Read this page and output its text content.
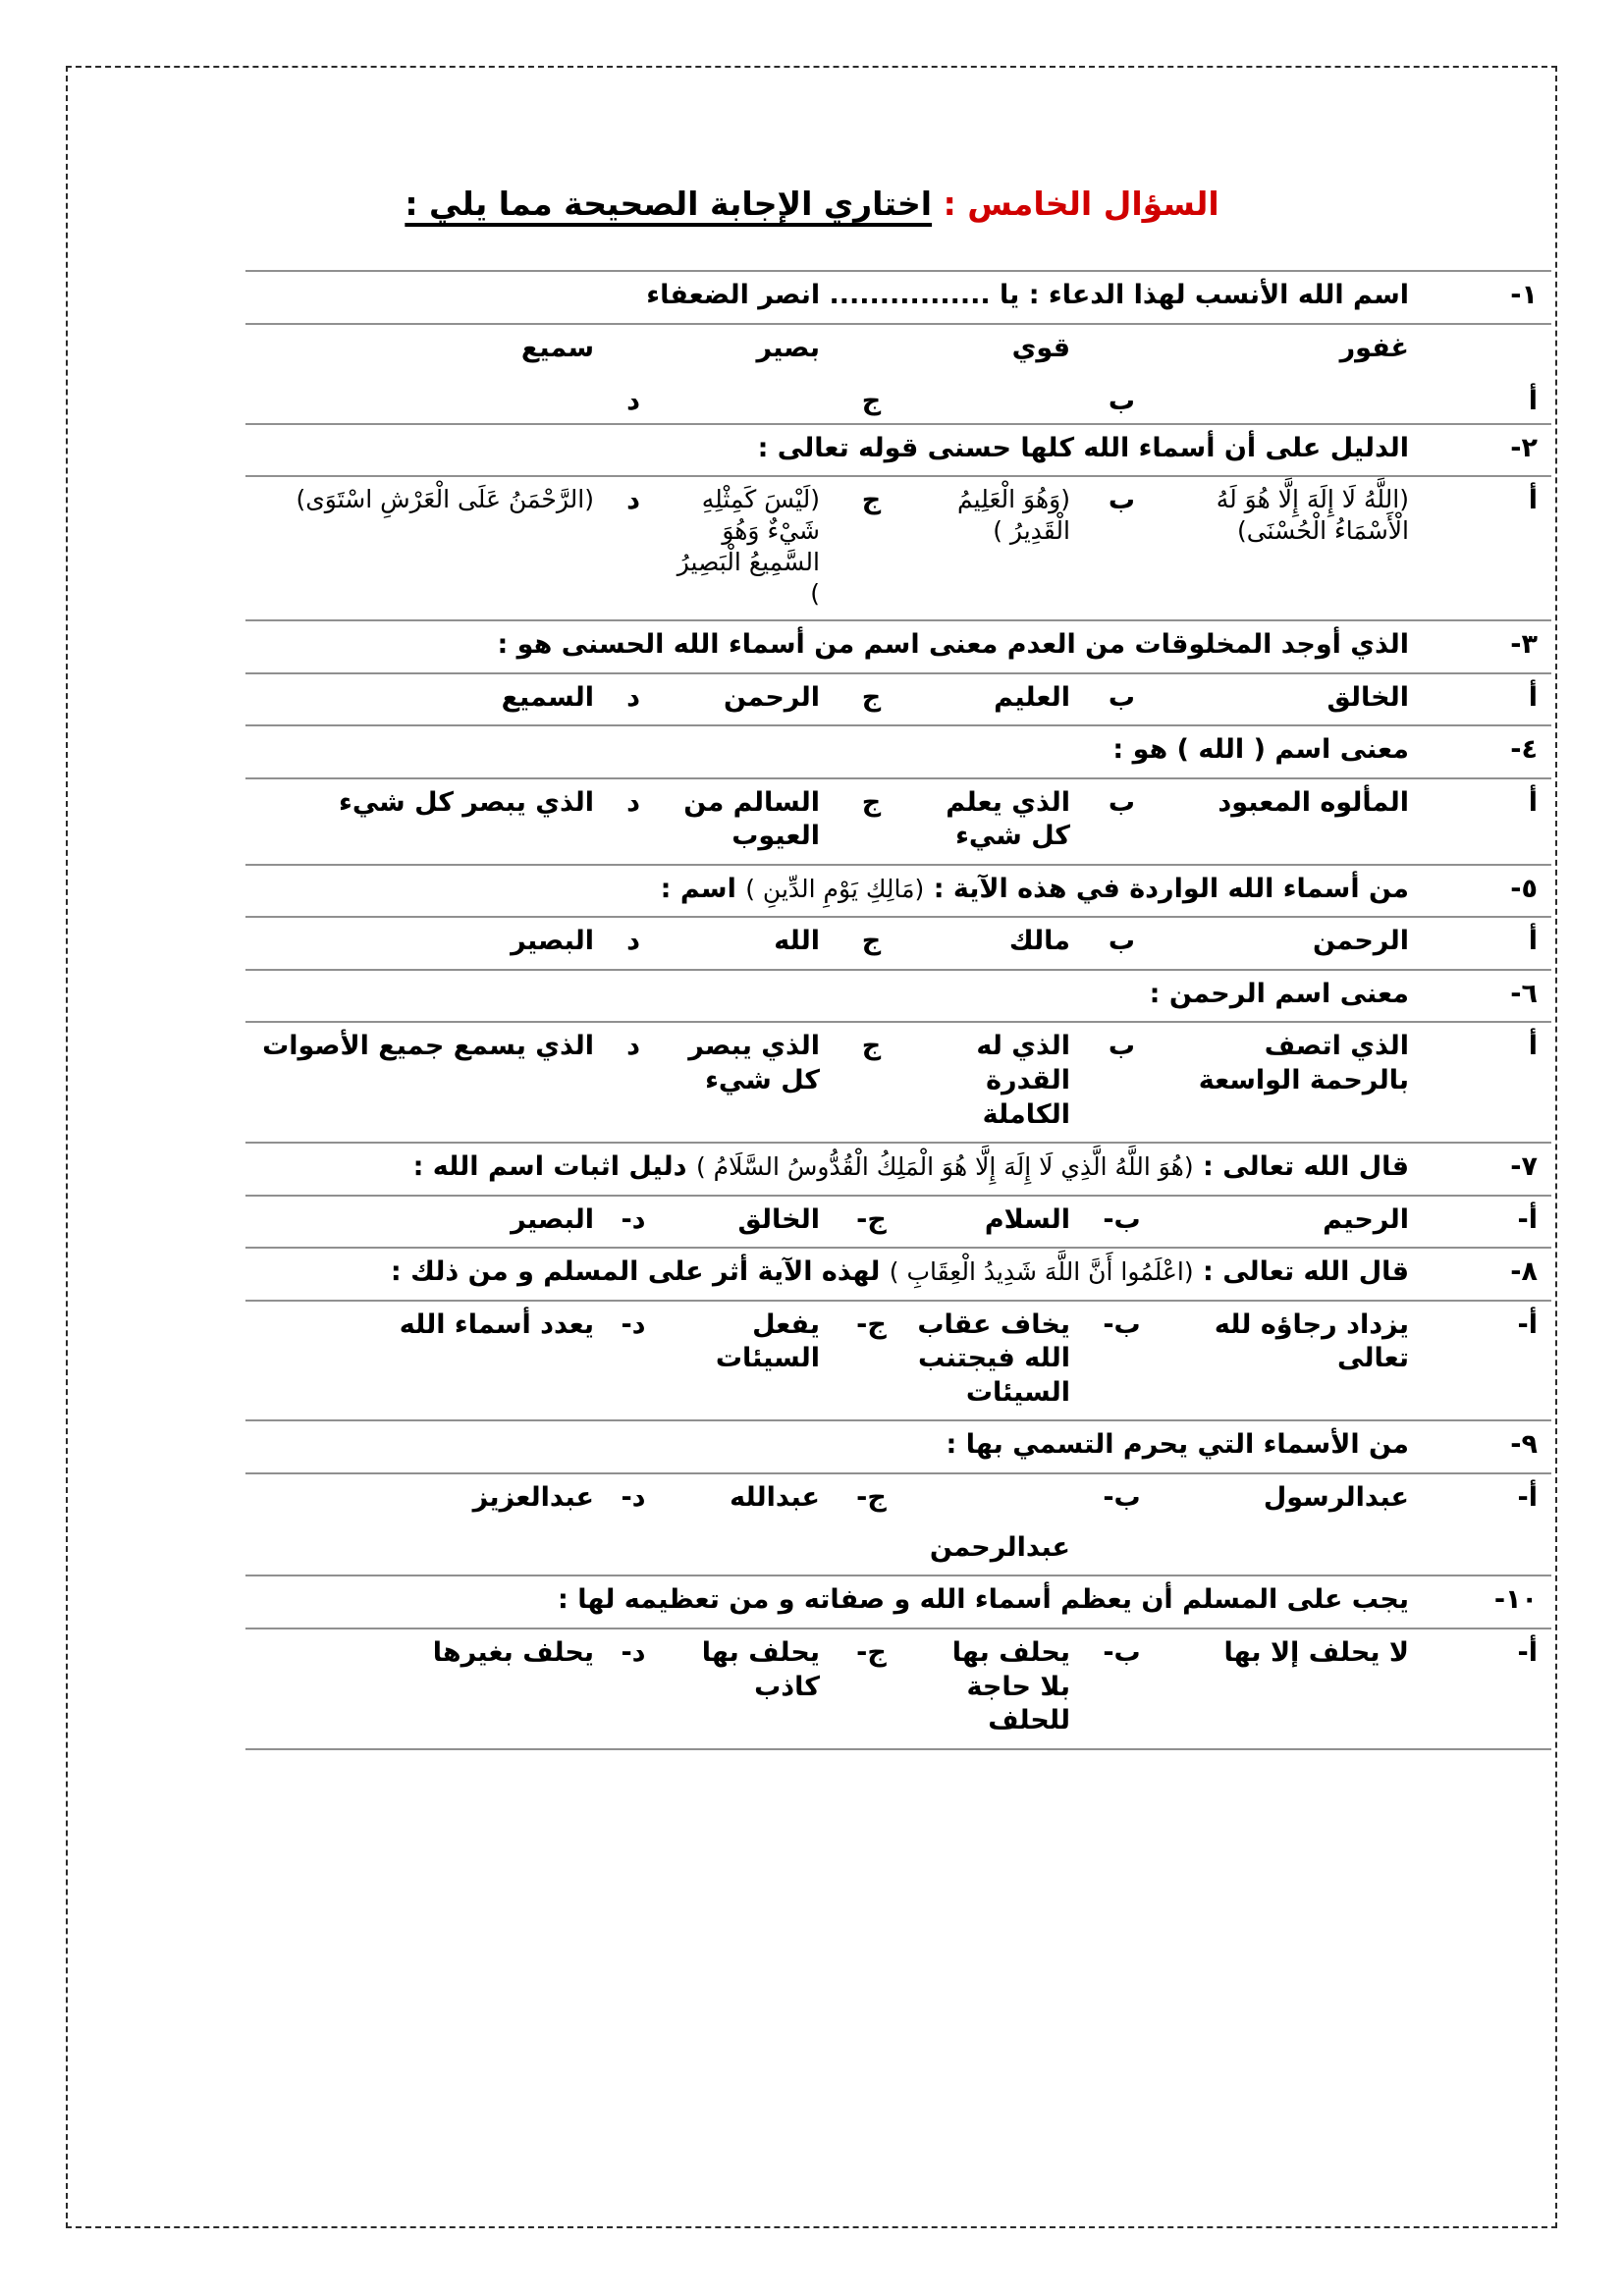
السؤال الخامس : اختاري الإجابة الصحيحة مما يلي :
١-
اسم الله الأنسب لهذا الدعاء : يا ................ انصر الضعفاء
أ
غفور
ب
قوي
ج
بصير
د
سميع
٢-
الدليل على أن أسماء الله كلها حسنى قوله تعالى :
أ
(اللَّهُ لَا إِلَهَ إِلَّا هُوَ لَهُ الْأَسْمَاءُ الْحُسْنَى)
ب
(وَهُوَ الْعَلِيمُ الْقَدِيرُ )
ج
(لَيْسَ كَمِثْلِهِ شَيْءٌ وَهُوَ السَّمِيعُ الْبَصِيرُ )
د
(الرَّحْمَنُ عَلَى الْعَرْشِ اسْتَوَى)
٣-
الذي أوجد المخلوقات من العدم معنى اسم من أسماء الله الحسنى هو :
أ
الخالق
ب
العليم
ج
الرحمن
د
السميع
٤-
معنى اسم ( الله ) هو :
أ
المألوه المعبود
ب
الذي يعلم كل شيء
ج
السالم من العيوب
د
الذي يبصر كل شيء
٥-
من أسماء الله الواردة في هذه الآية : (مَالِكِ يَوْمِ الدِّينِ ) اسم :
أ
الرحمن
ب
مالك
ج
الله
د
البصير
٦-
معنى اسم الرحمن :
أ
الذي اتصف بالرحمة الواسعة
ب
الذي له القدرة الكاملة
ج
الذي يبصر كل شيء
د
الذي يسمع جميع الأصوات
٧-
قال الله تعالى : (هُوَ اللَّهُ الَّذِي لَا إِلَهَ إِلَّا هُوَ الْمَلِكُ الْقُدُّوسُ السَّلَامُ ) دليل اثبات اسم الله :
أ-
الرحيم
ب-
السلام
ج-
الخالق
د-
البصير
٨-
قال الله تعالى : (اعْلَمُوا أَنَّ اللَّهَ شَدِيدُ الْعِقَابِ ) لهذه الآية أثر على المسلم و من ذلك :
أ-
يزداد رجاؤه لله تعالى
ب-
يخاف عقاب الله فيجتنب السيئات
ج-
يفعل السيئات
د-
يعدد أسماء الله
٩-
من الأسماء التي يحرم التسمي بها :
أ-
عبدالرسول
ب-
عبدالرحمن
ج-
عبدالله
د-
عبدالعزيز
١٠-
يجب على المسلم أن يعظم أسماء الله و صفاته و من تعظيمه لها :
أ-
لا يحلف إلا بها
ب-
يحلف بها بلا حاجة للحلف
ج-
يحلف بها كاذب
د-
يحلف بغيرها
